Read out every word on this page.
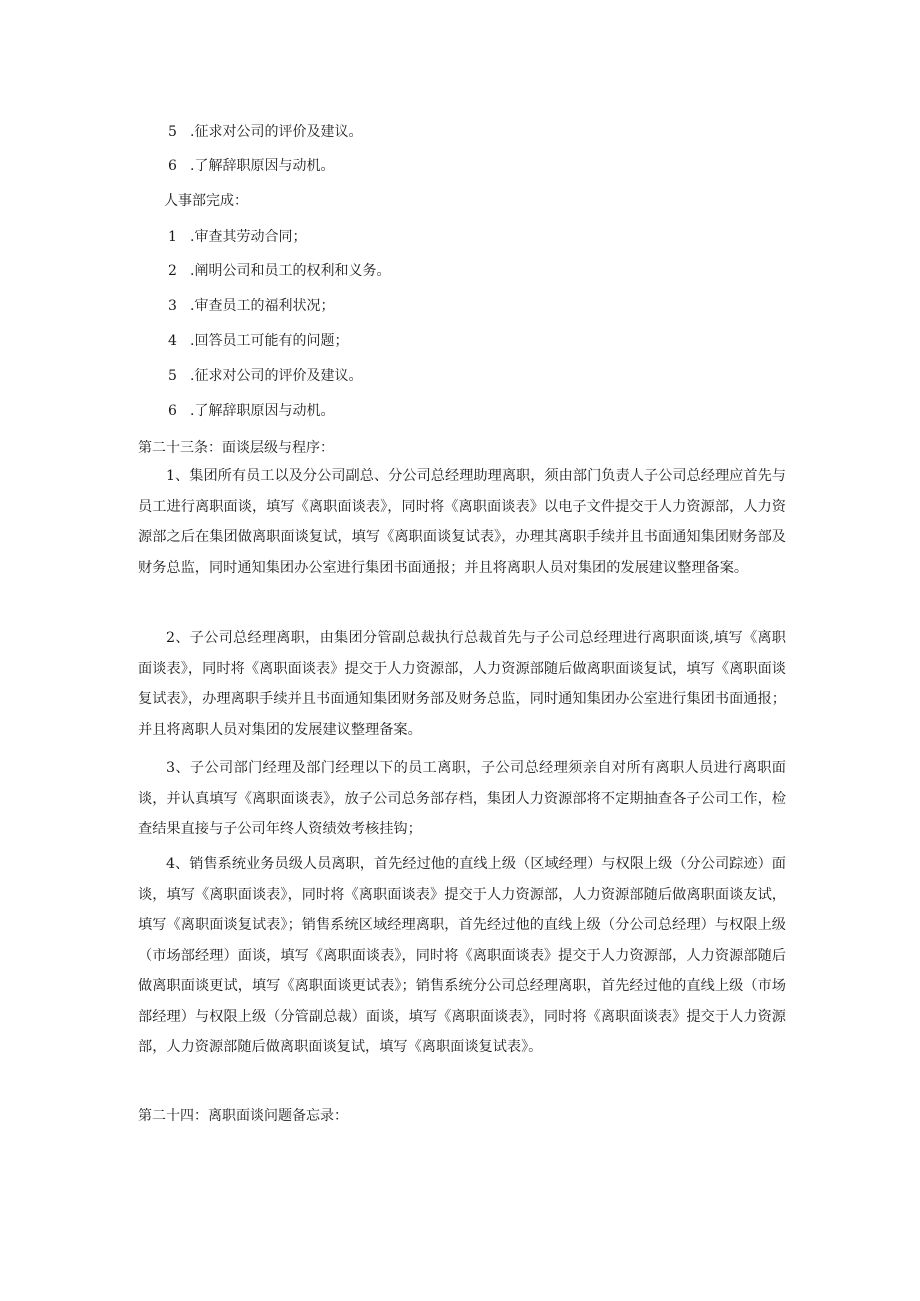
5 .征求对公司的评价及建议。
6 .了解辞职原因与动机。
人事部完成：
1 .审查其劳动合同；
2 .阐明公司和员工的权利和义务。
3 .审查员工的福利状况；
4 .回答员工可能有的问题；
5 .征求对公司的评价及建议。
6 .了解辞职原因与动机。
第二十三条：面谈层级与程序：
1、集团所有员工以及分公司副总、分公司总经理助理离职，须由部门负责人子公司总经理应首先与员工进行离职面谈，填写《离职面谈表》，同时将《离职面谈表》以电子文件提交于人力资源部，人力资源部之后在集团做离职面谈复试，填写《离职面谈复试表》，办理其离职手续并且书面通知集团财务部及财务总监，同时通知集团办公室进行集团书面通报；并且将离职人员对集团的发展建议整理备案。
2、子公司总经理离职，由集团分管副总裁执行总裁首先与子公司总经理进行离职面谈,填写《离职面谈表》，同时将《离职面谈表》提交于人力资源部，人力资源部随后做离职面谈复试，填写《离职面谈复试表》，办理离职手续并且书面通知集团财务部及财务总监，同时通知集团办公室进行集团书面通报；并且将离职人员对集团的发展建议整理备案。
3、子公司部门经理及部门经理以下的员工离职，子公司总经理须亲自对所有离职人员进行离职面谈，并认真填写《离职面谈表》，放子公司总务部存档，集团人力资源部将不定期抽查各子公司工作，检查结果直接与子公司年终人资绩效考核挂钩；
4、销售系统业务员级人员离职，首先经过他的直线上级（区域经理）与权限上级（分公司踪迹）面谈，填写《离职面谈表》，同时将《离职面谈表》提交于人力资源部，人力资源部随后做离职面谈友试，填写《离职面谈复试表》；销售系统区域经理离职，首先经过他的直线上级（分公司总经理）与权限上级（市场部经理）面谈，填写《离职面谈表》，同时将《离职面谈表》提交于人力资源部，人力资源部随后做离职面谈更试，填写《离职面谈更试表》；销售系统分公司总经理离职，首先经过他的直线上级（市场部经理）与权限上级（分管副总裁）面谈，填写《离职面谈表》，同时将《离职面谈表》提交于人力资源部，人力资源部随后做离职面谈复试，填写《离职面谈复试表》。
第二十四：离职面谈问题备忘录：
